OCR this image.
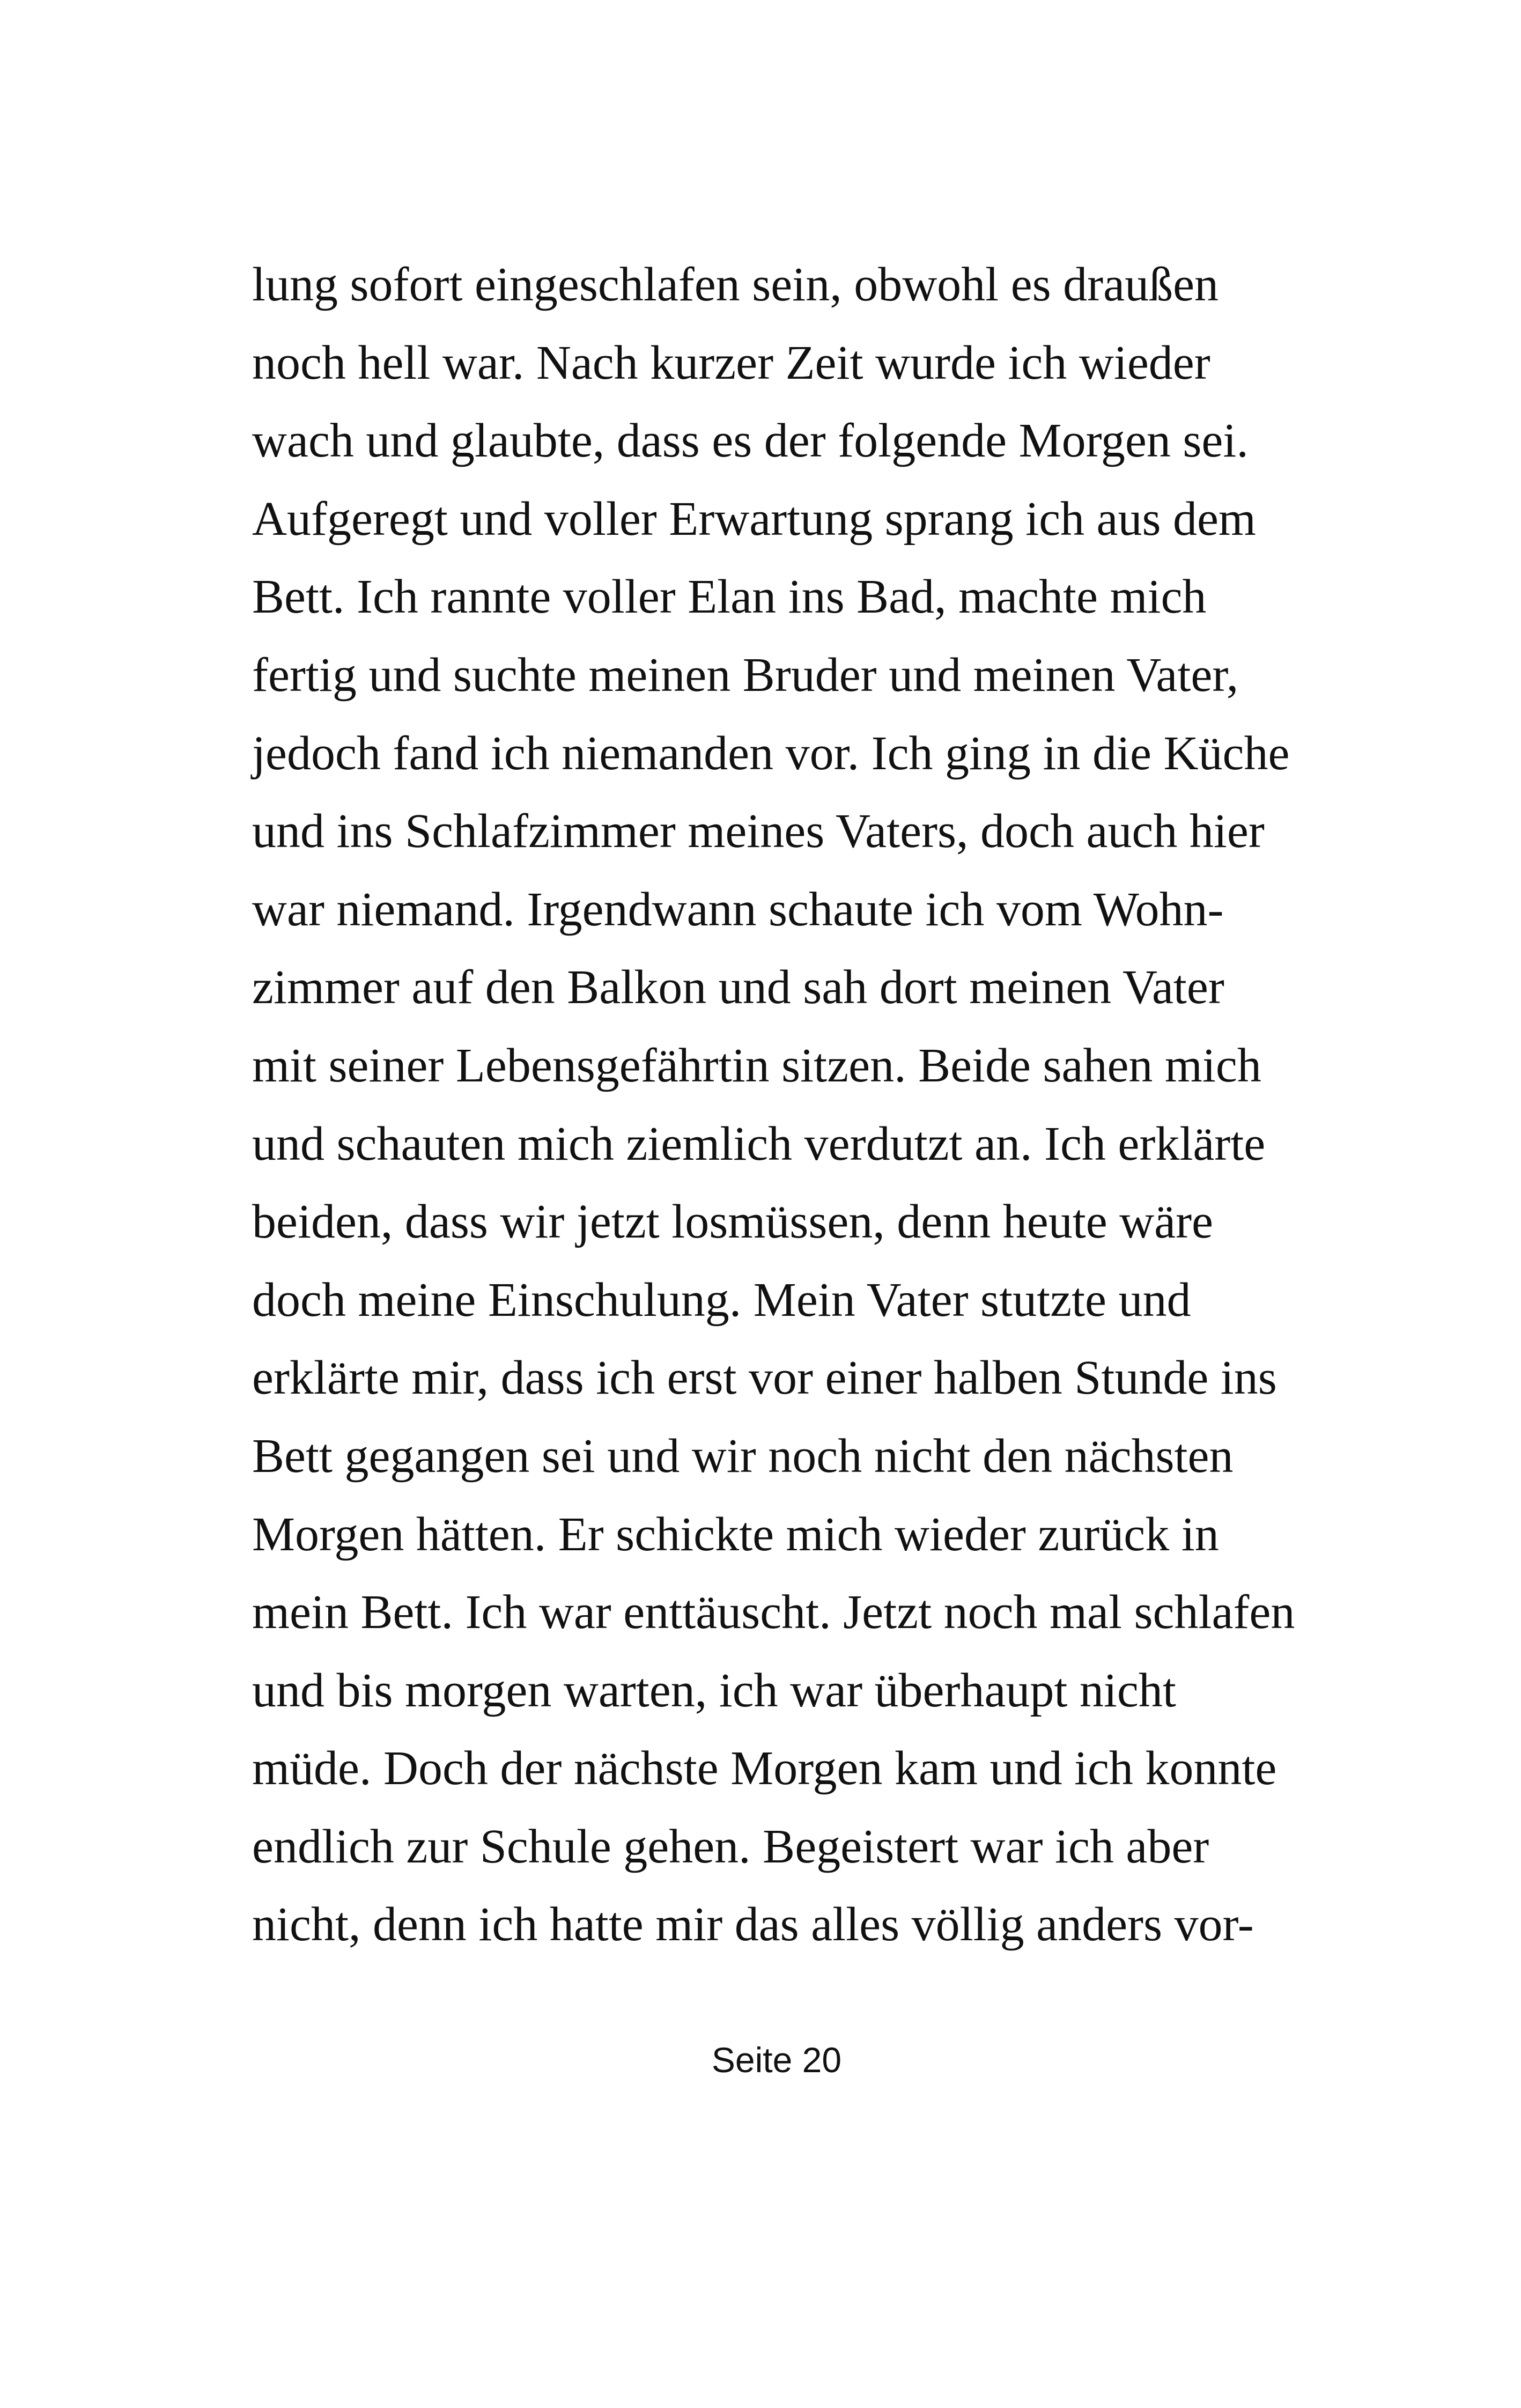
lung sofort eingeschlafen sein, obwohl es draußen
noch hell war. Nach kurzer Zeit wurde ich wieder
wach und glaubte, dass es der folgende Morgen sei.
Aufgeregt und voller Erwartung sprang ich aus dem
Bett. Ich rannte voller Elan ins Bad, machte mich
fertig und suchte meinen Bruder und meinen Vater,
jedoch fand ich niemanden vor. Ich ging in die Küche
und ins Schlafzimmer meines Vaters, doch auch hier
war niemand. Irgendwann schaute ich vom Wohn-
zimmer auf den Balkon und sah dort meinen Vater
mit seiner Lebensgefährtin sitzen. Beide sahen mich
und schauten mich ziemlich verdutzt an. Ich erklärte
beiden, dass wir jetzt losmüssen, denn heute wäre
doch meine Einschulung. Mein Vater stutzte und
erklärte mir, dass ich erst vor einer halben Stunde ins
Bett gegangen sei und wir noch nicht den nächsten
Morgen hätten. Er schickte mich wieder zurück in
mein Bett. Ich war enttäuscht. Jetzt noch mal schlafen
und bis morgen warten, ich war überhaupt nicht
müde. Doch der nächste Morgen kam und ich konnte
endlich zur Schule gehen. Begeistert war ich aber
nicht, denn ich hatte mir das alles völlig anders vor-
Seite 20
